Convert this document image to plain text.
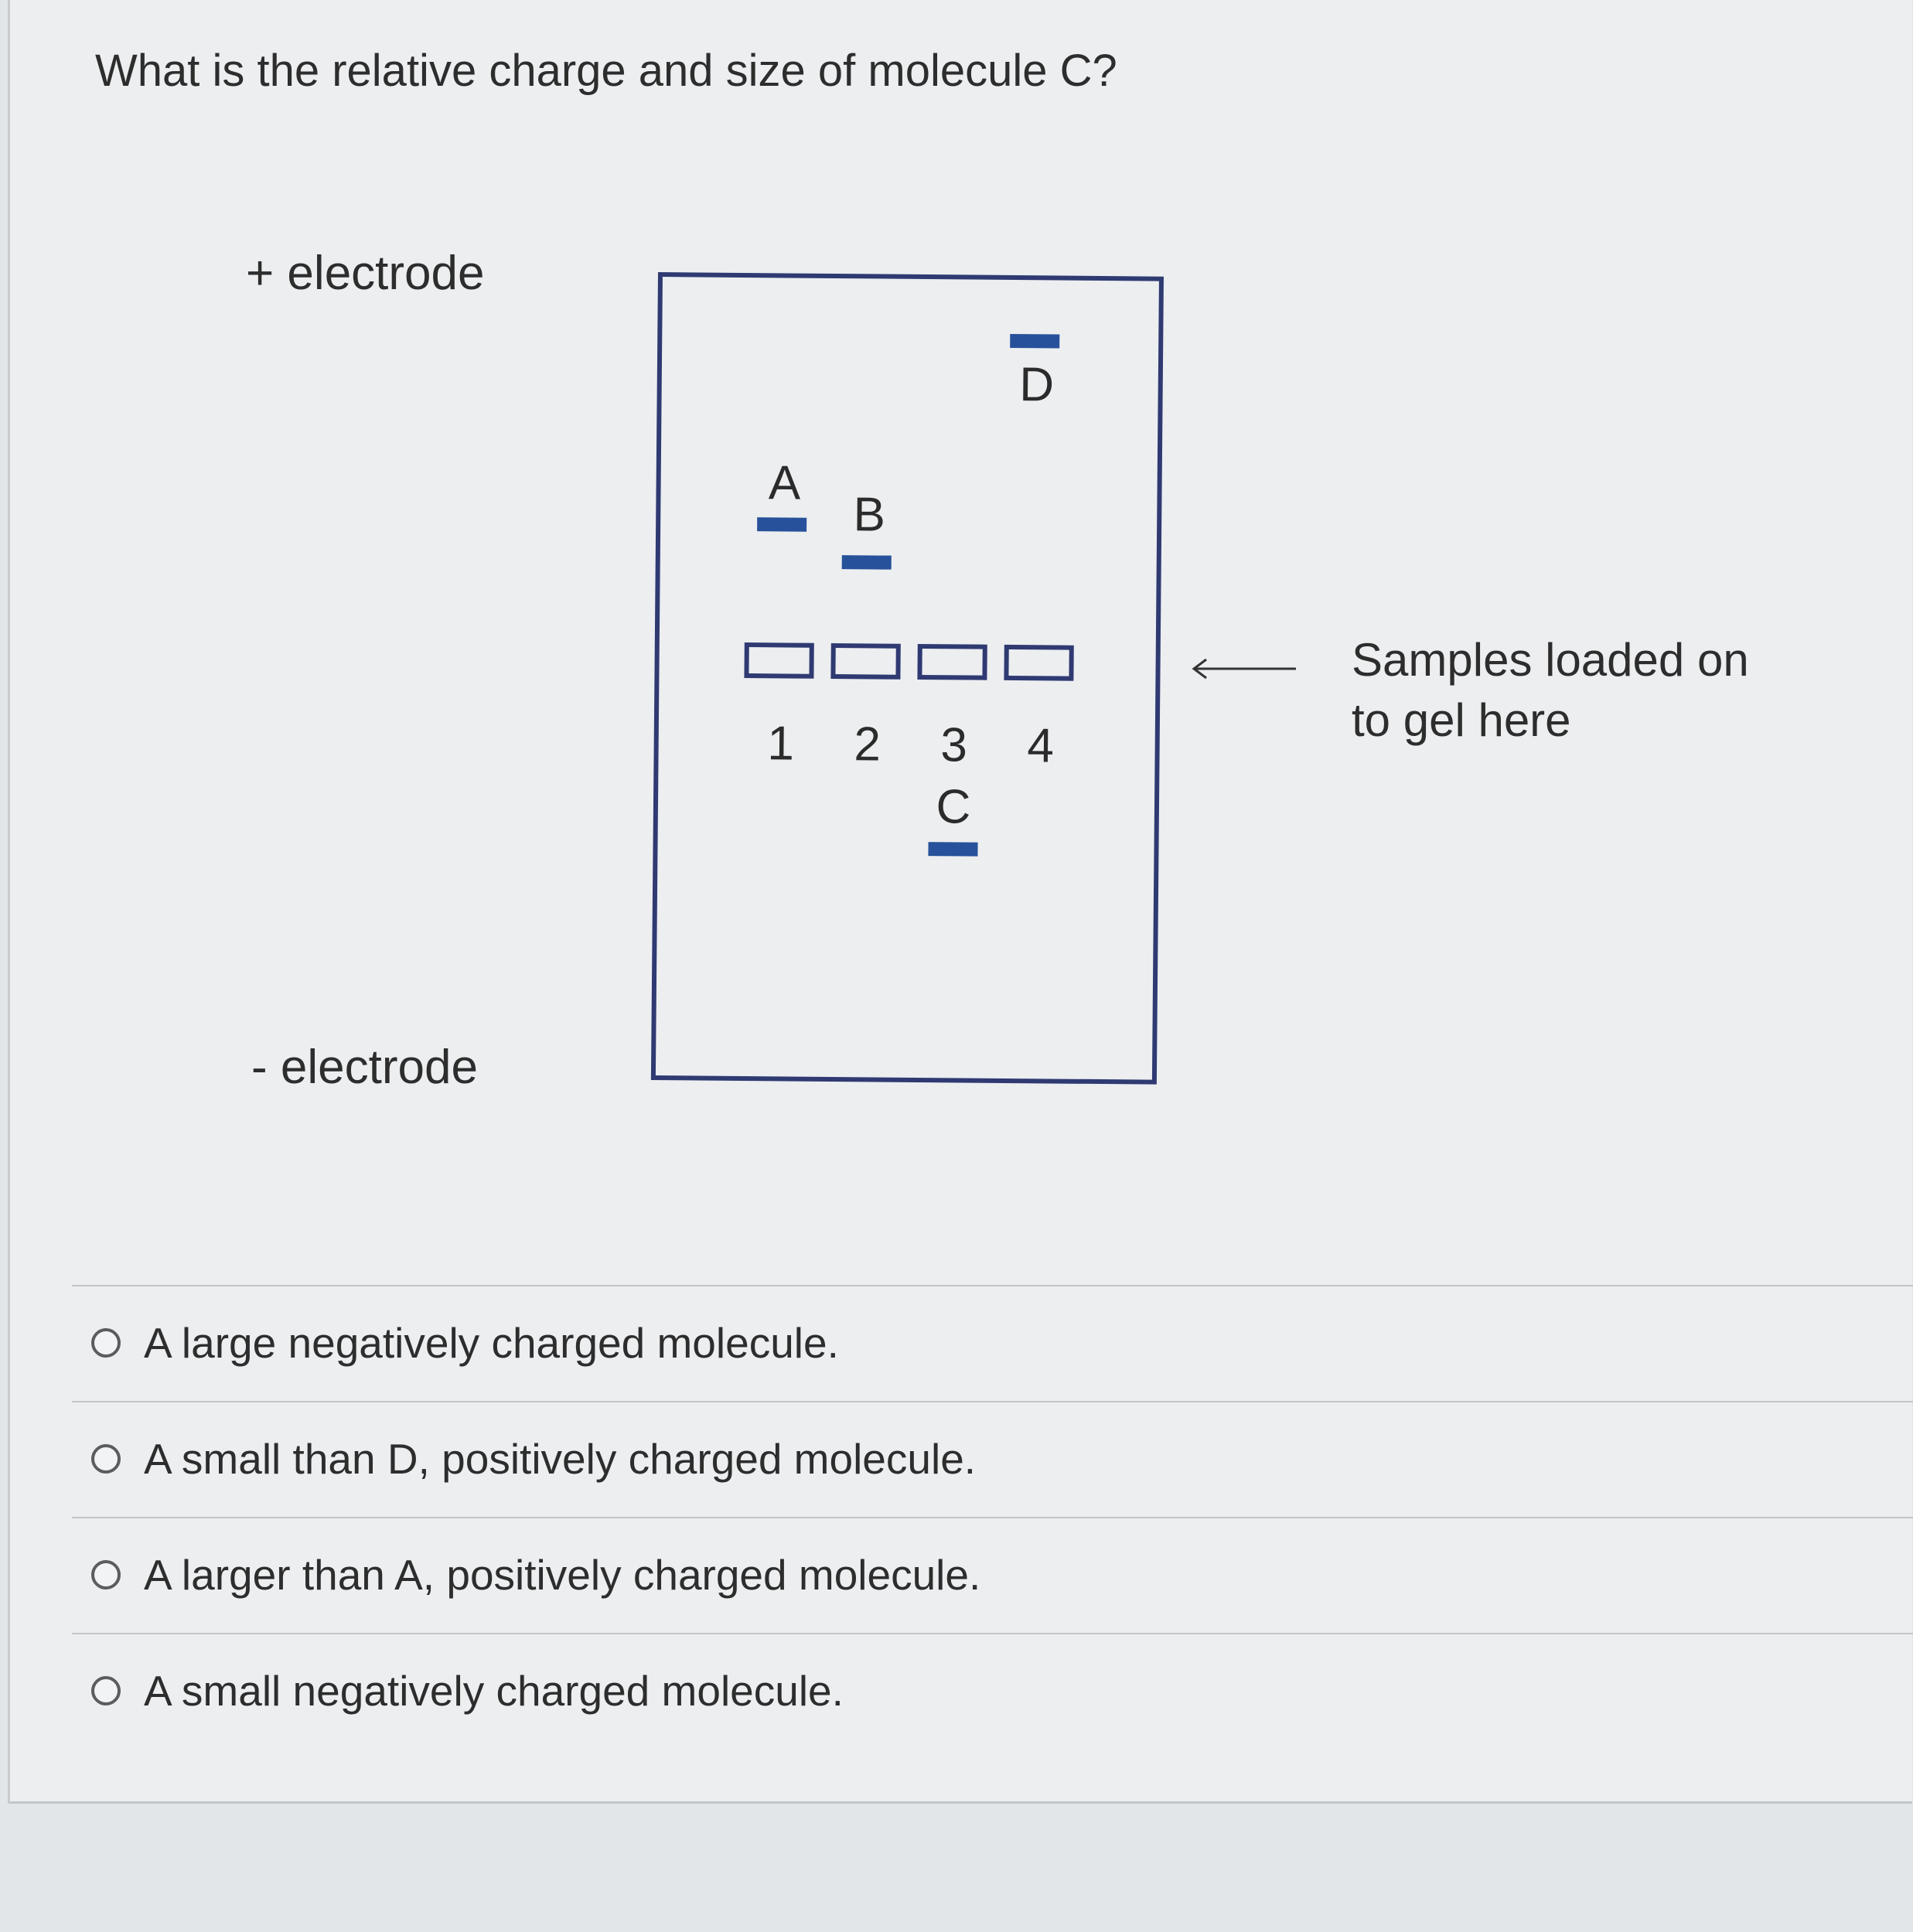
What is the relative charge and size of molecule C?
+ electrode
- electrode
D
A
B
1	2	3	4
C
Samples loaded on
to gel here
A large negatively charged molecule.
A small than D, positively charged molecule.
A larger than A, positively charged molecule.
A small negatively charged molecule.
